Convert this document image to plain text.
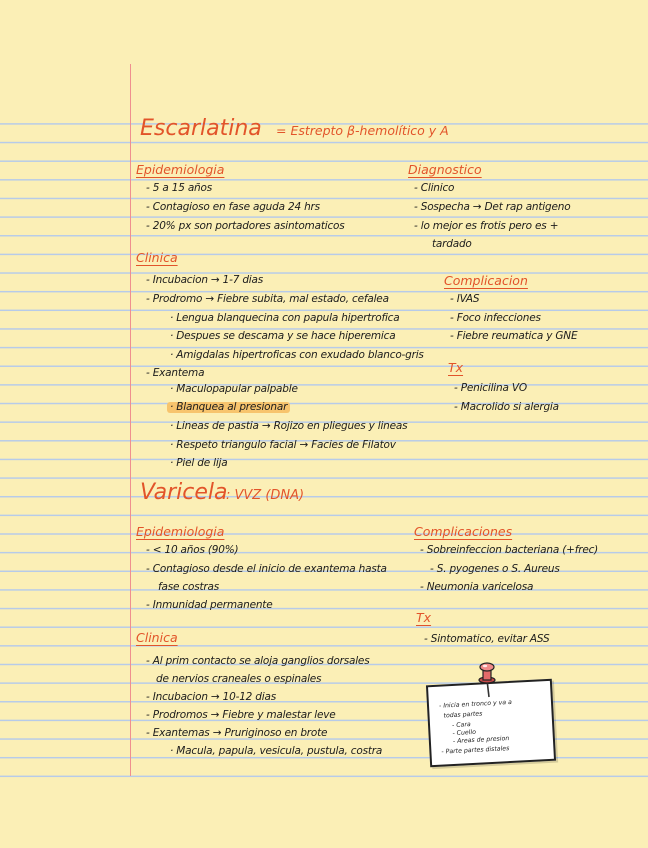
Escarlatina = Estrepto β-hemolítico y A
Epidemiologia
- 5 a 15 años
- Contagioso en fase aguda 24 hrs
- 20% px son portadores asintomaticos
Diagnostico
- Clinico
- Sospecha → Det rap antigeno
- lo mejor es frotis pero es +
tardado
Clinica
- Incubacion → 1-7 dias
- Prodromo → Fiebre subita, mal estado, cefalea
· Lengua blanquecina con papula hipertrofica
· Despues se descama y se hace hiperemica
· Amigdalas hipertroficas con exudado blanco-gris
- Exantema
· Maculopapular palpable
· Blanquea al presionar
· Lineas de pastia → Rojizo en pliegues y lineas
· Respeto triangulo facial → Facies de Filatov
· Piel de lija
Complicacion
- IVAS
- Foco infecciones
- Fiebre reumatica y GNE
Tx
- Penicilina VO
- Macrolido si alergia
Varicela
: VVZ (DNA)
Epidemiologia
- < 10 años (90%)
- Contagioso desde el inicio de exantema hasta
fase costras
- Inmunidad permanente
Complicaciones
- Sobreinfeccion bacteriana (+frec)
- S. pyogenes o S. Aureus
- Neumonia varicelosa
Tx
- Sintomatico, evitar ASS
Clinica
- Al prim contacto se aloja ganglios dorsales
de nervios craneales o espinales
- Incubacion → 10-12 dias
- Prodromos → Fiebre y malestar leve
- Exantemas → Pruriginoso en brote
· Macula, papula, vesicula, pustula, costra
- Inicia en tronco y va a
todas partes
- Cara
- Cuello
- Areas de presion
- Parte partes distales
